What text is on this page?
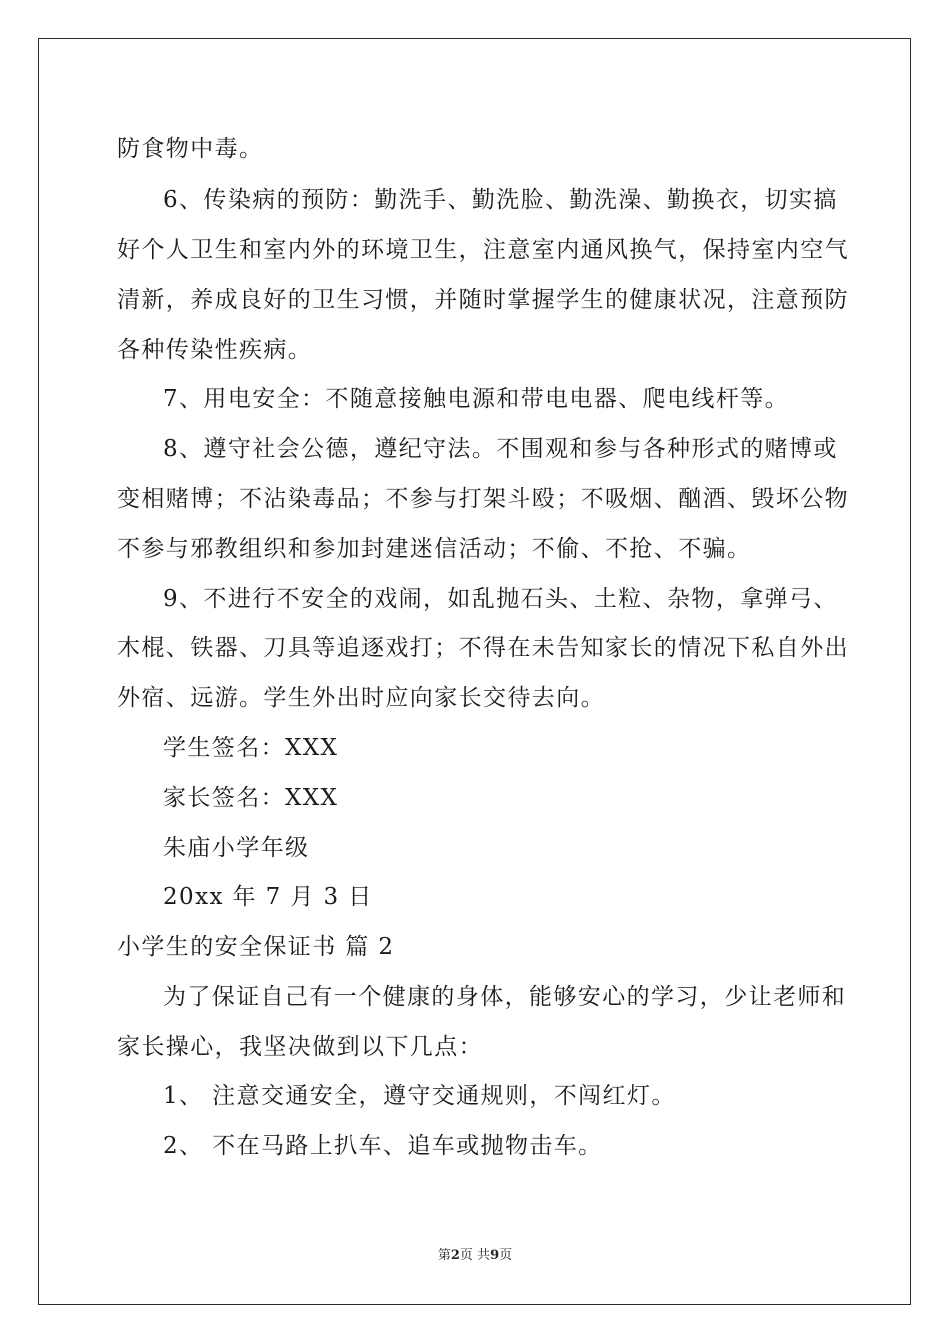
防食物中毒。
6、传染病的预防：勤洗手、勤洗脸、勤洗澡、勤换衣，切实搞
好个人卫生和室内外的环境卫生，注意室内通风换气，保持室内空气
清新，养成良好的卫生习惯，并随时掌握学生的健康状况，注意预防
各种传染性疾病。
7、用电安全：不随意接触电源和带电电器、爬电线杆等。
8、遵守社会公德，遵纪守法。不围观和参与各种形式的赌博或
变相赌博；不沾染毒品；不参与打架斗殴；不吸烟、酗酒、毁坏公物
不参与邪教组织和参加封建迷信活动；不偷、不抢、不骗。
9、不进行不安全的戏闹，如乱抛石头、土粒、杂物，拿弹弓、
木棍、铁器、刀具等追逐戏打；不得在未告知家长的情况下私自外出
外宿、远游。学生外出时应向家长交待去向。
学生签名：XXX
家长签名：XXX
朱庙小学年级
20xx 年 7 月 3 日
小学生的安全保证书 篇 2
为了保证自己有一个健康的身体，能够安心的学习，少让老师和
家长操心，我坚决做到以下几点：
1、 注意交通安全，遵守交通规则，不闯红灯。
2、 不在马路上扒车、追车或抛物击车。
第2页 共9页
